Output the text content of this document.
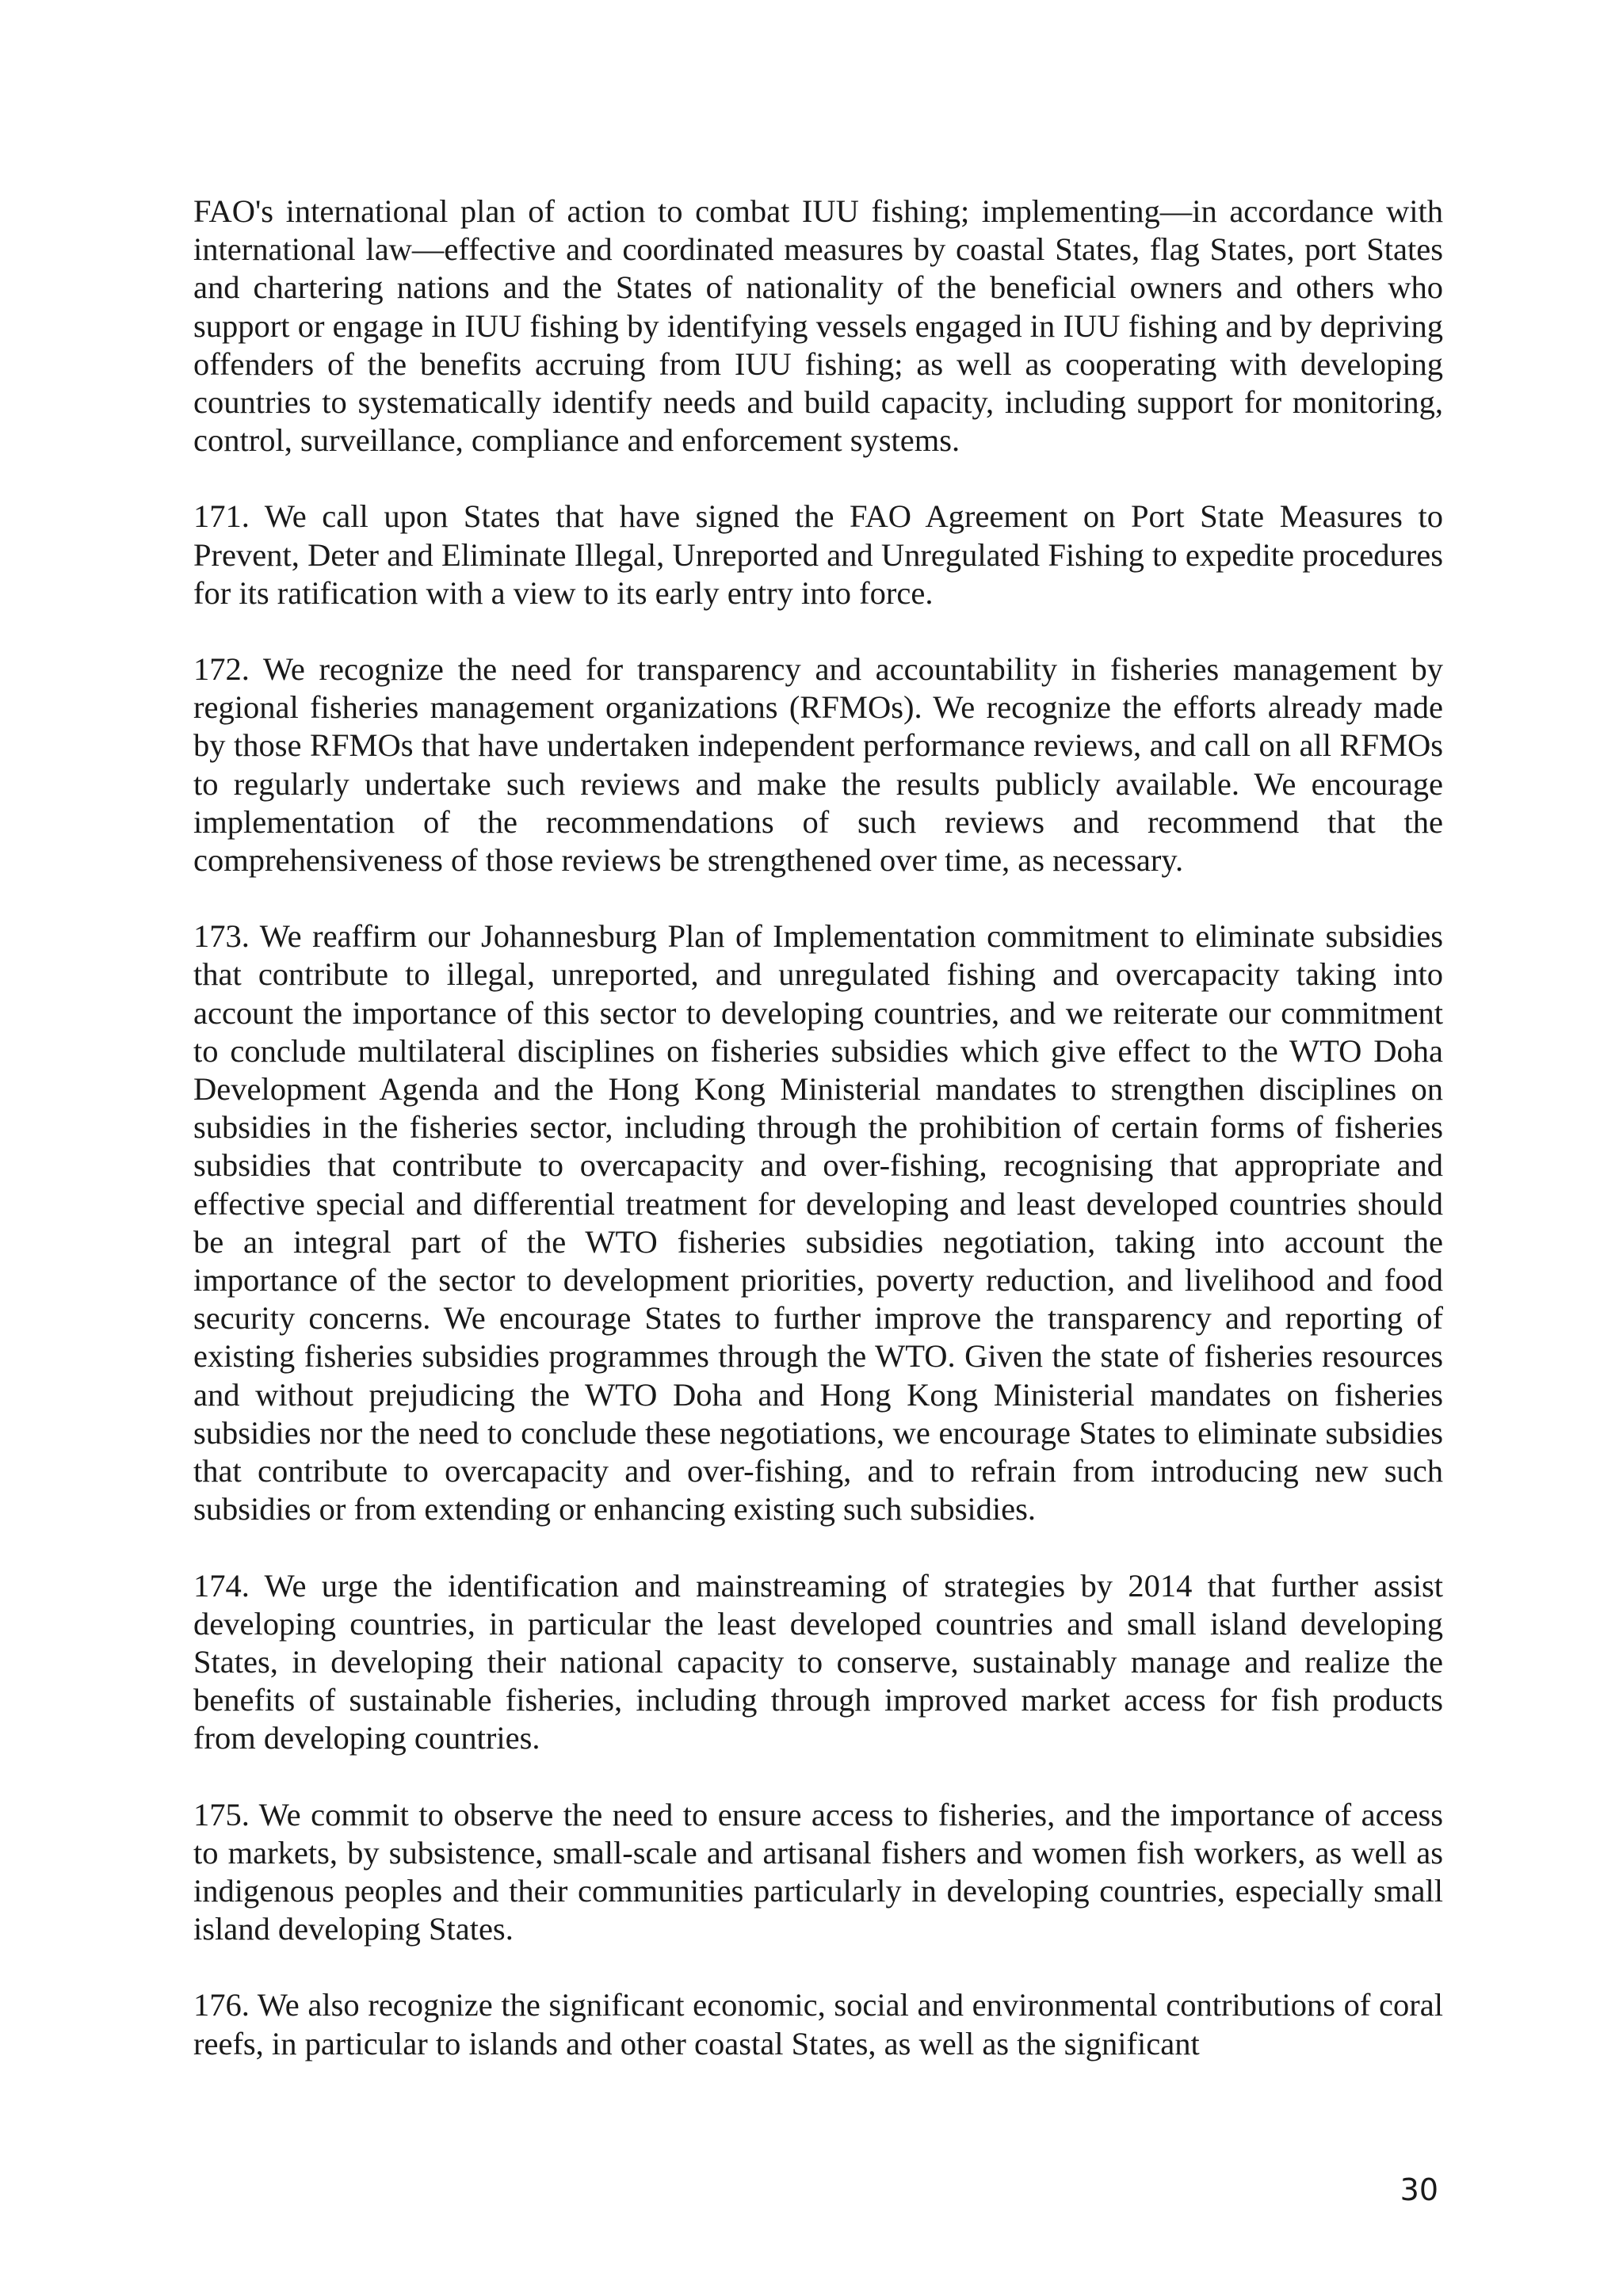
FAO's international plan of action to combat IUU fishing; implementing—in accordance with international law—effective and coordinated measures by coastal States, flag States, port States and chartering nations and the States of nationality of the beneficial owners and others who support or engage in IUU fishing by identifying vessels engaged in IUU fishing and by depriving offenders of the benefits accruing from IUU fishing; as well as cooperating with developing countries to systematically identify needs and build capacity, including support for monitoring, control, surveillance, compliance and enforcement systems.

171. We call upon States that have signed the FAO Agreement on Port State Measures to Prevent, Deter and Eliminate Illegal, Unreported and Unregulated Fishing to expedite procedures for its ratification with a view to its early entry into force.

172. We recognize the need for transparency and accountability in fisheries management by regional fisheries management organizations (RFMOs). We recognize the efforts already made by those RFMOs that have undertaken independent performance reviews, and call on all RFMOs to regularly undertake such reviews and make the results publicly available. We encourage implementation of the recommendations of such reviews and recommend that the comprehensiveness of those reviews be strengthened over time, as necessary.

173. We reaffirm our Johannesburg Plan of Implementation commitment to eliminate subsidies that contribute to illegal, unreported, and unregulated fishing and overcapacity taking into account the importance of this sector to developing countries, and we reiterate our commitment to conclude multilateral disciplines on fisheries subsidies which give effect to the WTO Doha Development Agenda and the Hong Kong Ministerial mandates to strengthen disciplines on subsidies in the fisheries sector, including through the prohibition of certain forms of fisheries subsidies that contribute to overcapacity and over-fishing, recognising that appropriate and effective special and differential treatment for developing and least developed countries should be an integral part of the WTO fisheries subsidies negotiation, taking into account the importance of the sector to development priorities, poverty reduction, and livelihood and food security concerns. We encourage States to further improve the transparency and reporting of existing fisheries subsidies programmes through the WTO. Given the state of fisheries resources and without prejudicing the WTO Doha and Hong Kong Ministerial mandates on fisheries subsidies nor the need to conclude these negotiations, we encourage States to eliminate subsidies that contribute to overcapacity and over-fishing, and to refrain from introducing new such subsidies or from extending or enhancing existing such subsidies.

174. We urge the identification and mainstreaming of strategies by 2014 that further assist developing countries, in particular the least developed countries and small island developing States, in developing their national capacity to conserve, sustainably manage and realize the benefits of sustainable fisheries, including through improved market access for fish products from developing countries.

175. We commit to observe the need to ensure access to fisheries, and the importance of access to markets, by subsistence, small-scale and artisanal fishers and women fish workers, as well as indigenous peoples and their communities particularly in developing countries, especially small island developing States.

176. We also recognize the significant economic, social and environmental contributions of coral reefs, in particular to islands and other coastal States, as well as the significant

30
